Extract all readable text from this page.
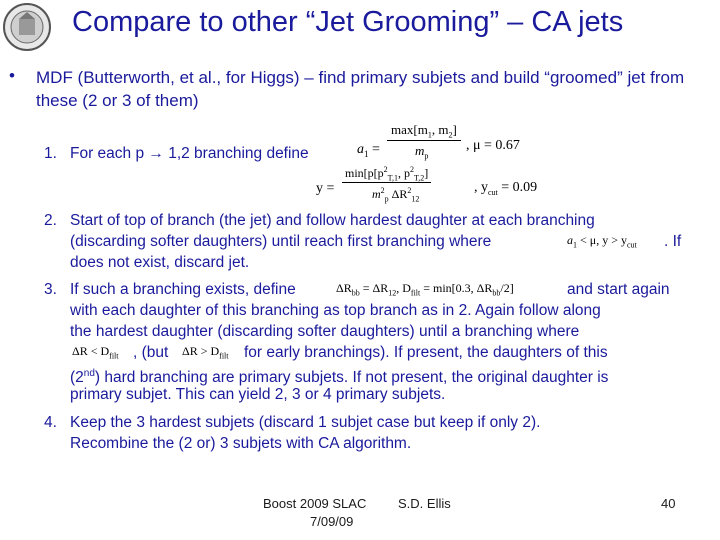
Compare to other “Jet Grooming” – CA jets
• MDF (Butterworth, et al., for Higgs) – find primary subjets and build “groomed” jet from these (2 or 3 of them)
1. For each p → 1,2 branching define	$a_1$ =
$\max[m_1$, $m_2$]
$m_p$
, μ = 0.67
y =
$\min[p[p^2_{T,1}$, $p^2_{T,2}$]
$m^2_p$ $\Delta R^2_{12}$
, $y_{cut} = 0.09$
2. Start of top of branch (the jet) and follow hardest daughter at each branching
(discarding softer daughters) until reach first branching where	$a_1 < \mu$, $y > y_{cut}$ . If
does not exist, discard jet.
3. If such a branching exists, define	$\Delta R_{bb} = \Delta R_{12}$, $D_{filt} = \min[0.3$, $\Delta R_{bb}/2$]	and start again
with each daughter of this branching as top branch as in 2. Again follow along
the hardest daughter (discarding softer daughters) until a branching where
$\Delta R < D_{filt}$ , (but $\Delta R > D_{filt}$ for early branchings). If present, the daughters of this
(2nd) hard branching are primary subjets. If not present, the original daughter is
primary subjet. This can yield 2, 3 or 4 primary subjets.
4. Keep the 3 hardest subjets (discard 1 subjet case but keep if only 2).
Recombine the (2 or) 3 subjets with CA algorithm.
Boost 2009 SLAC
7/09/09
S.D. Ellis	40
